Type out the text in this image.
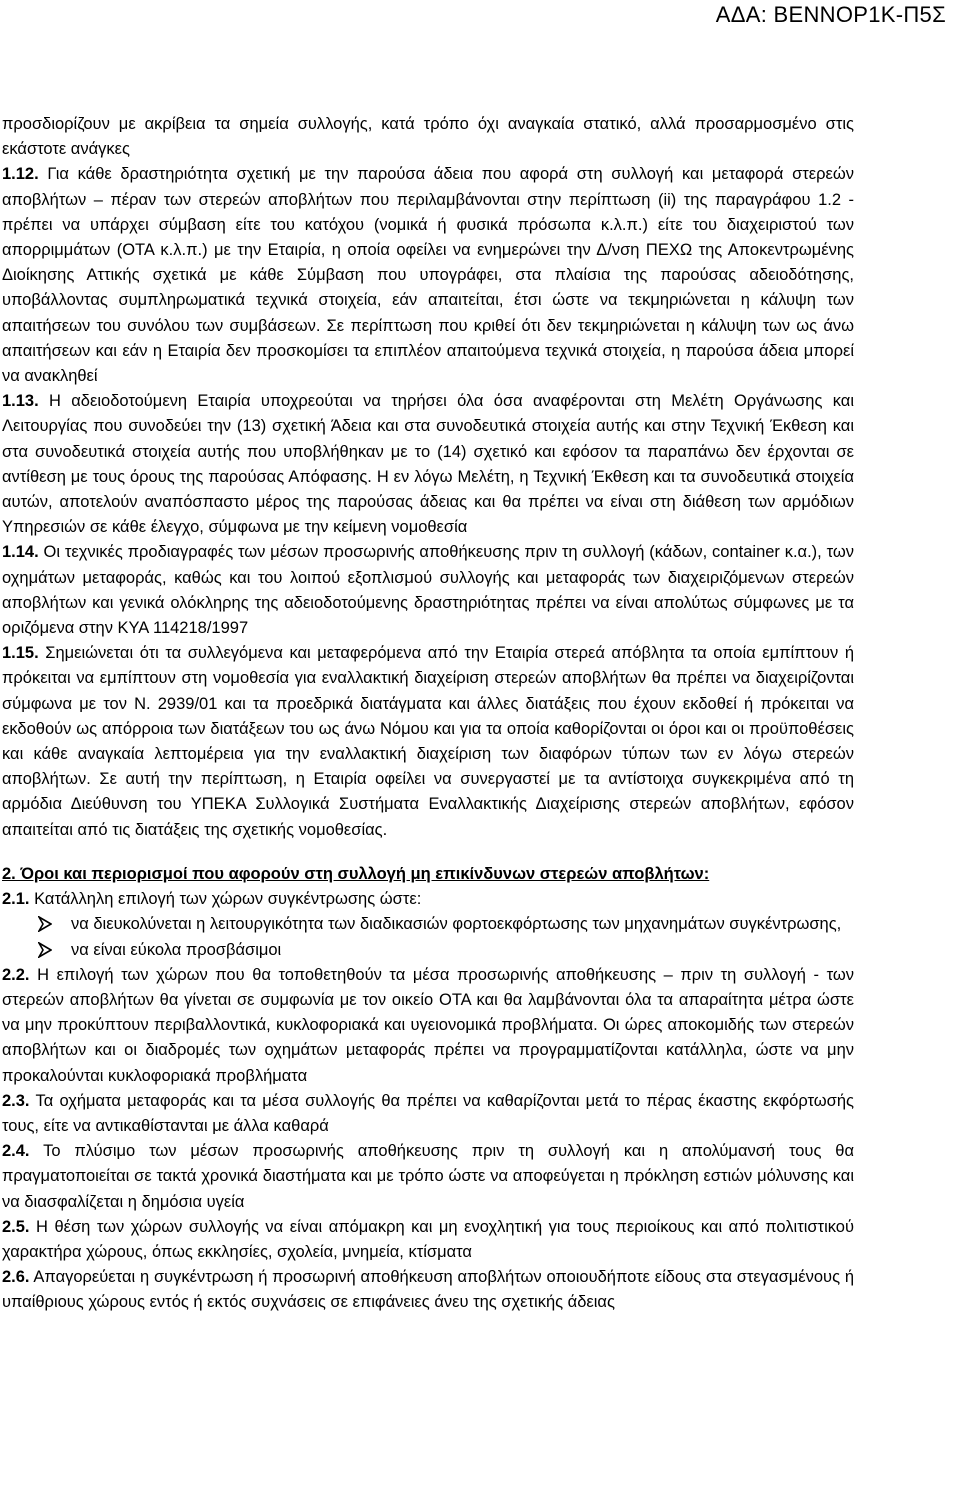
ΑΔΑ: ΒΕΝΝΟΡ1Κ-Π5Σ

προσδιορίζουν με ακρίβεια τα σημεία συλλογής, κατά τρόπο όχι αναγκαία στατικό, αλλά προσαρμοσμένο στις εκάστοτε ανάγκες

1.12. Για κάθε δραστηριότητα σχετική με την παρούσα άδεια που αφορά στη συλλογή και μεταφορά στερεών αποβλήτων – πέραν των στερεών αποβλήτων που περιλαμβάνονται στην περίπτωση (ii) της παραγράφου 1.2 - πρέπει να υπάρχει σύμβαση είτε του κατόχου (νομικά ή φυσικά πρόσωπα κ.λ.π.) είτε του διαχειριστού των απορριμμάτων (ΟΤΑ κ.λ.π.) με την Εταιρία, η οποία οφείλει να ενημερώνει την Δ/νση ΠΕΧΩ της Αποκεντρωμένης Διοίκησης Αττικής σχετικά με κάθε Σύμβαση που υπογράφει, στα πλαίσια της παρούσας αδειοδότησης, υποβάλλοντας συμπληρωματικά τεχνικά στοιχεία, εάν απαιτείται, έτσι ώστε να τεκμηριώνεται η κάλυψη των απαιτήσεων του συνόλου των συμβάσεων. Σε περίπτωση που κριθεί ότι δεν τεκμηριώνεται η κάλυψη των ως άνω απαιτήσεων και εάν η Εταιρία δεν προσκομίσει τα επιπλέον απαιτούμενα τεχνικά στοιχεία, η παρούσα άδεια μπορεί να ανακληθεί

1.13. Η αδειοδοτούμενη Εταιρία υποχρεούται να τηρήσει όλα όσα αναφέρονται στη Μελέτη Οργάνωσης και Λειτουργίας που συνοδεύει την (13) σχετική Άδεια και στα συνοδευτικά στοιχεία αυτής και στην Τεχνική Έκθεση και στα συνοδευτικά στοιχεία αυτής που υποβλήθηκαν με το (14) σχετικό και εφόσον τα παραπάνω δεν έρχονται σε αντίθεση με τους όρους της παρούσας Απόφασης. Η εν λόγω Μελέτη, η Τεχνική Έκθεση και τα συνοδευτικά στοιχεία αυτών, αποτελούν αναπόσπαστο μέρος της παρούσας άδειας και θα πρέπει να είναι στη διάθεση των αρμόδιων Υπηρεσιών σε κάθε έλεγχο, σύμφωνα με την κείμενη νομοθεσία

1.14. Οι τεχνικές προδιαγραφές των μέσων προσωρινής αποθήκευσης πριν τη συλλογή (κάδων, container κ.α.), των οχημάτων μεταφοράς, καθώς και του λοιπού εξοπλισμού συλλογής και μεταφοράς των διαχειριζόμενων στερεών αποβλήτων και γενικά ολόκληρης της αδειοδοτούμενης δραστηριότητας πρέπει να είναι απολύτως σύμφωνες με τα οριζόμενα στην ΚΥΑ 114218/1997

1.15. Σημειώνεται ότι τα συλλεγόμενα και μεταφερόμενα από την Εταιρία στερεά απόβλητα τα οποία εμπίπτουν ή πρόκειται να εμπίπτουν στη νομοθεσία για εναλλακτική διαχείριση στερεών αποβλήτων θα πρέπει να διαχειρίζονται σύμφωνα με τον Ν. 2939/01 και τα προεδρικά διατάγματα και άλλες διατάξεις που έχουν εκδοθεί ή πρόκειται να εκδοθούν ως απόρροια των διατάξεων του ως άνω Νόμου και για τα οποία καθορίζονται οι όροι και οι προϋποθέσεις και κάθε αναγκαία λεπτομέρεια για την εναλλακτική διαχείριση των διαφόρων τύπων των εν λόγω στερεών αποβλήτων. Σε αυτή την περίπτωση, η Εταιρία οφείλει να συνεργαστεί με τα αντίστοιχα συγκεκριμένα από τη αρμόδια Διεύθυνση του ΥΠΕΚΑ Συλλογικά Συστήματα Εναλλακτικής Διαχείρισης στερεών αποβλήτων, εφόσον απαιτείται από τις διατάξεις της σχετικής νομοθεσίας.

2. Όροι και περιορισμοί που αφορούν στη συλλογή μη επικίνδυνων στερεών αποβλήτων:

2.1. Κατάλληλη επιλογή των χώρων συγκέντρωσης ώστε:

να διευκολύνεται η λειτουργικότητα των διαδικασιών φορτοεκφόρτωσης των μηχανημάτων συγκέντρωσης,
να είναι εύκολα προσβάσιμοι

2.2. Η επιλογή των χώρων που θα τοποθετηθούν τα μέσα προσωρινής αποθήκευσης – πριν τη συλλογή - των στερεών αποβλήτων θα γίνεται σε συμφωνία με τον οικείο ΟΤΑ και θα λαμβάνονται όλα τα απαραίτητα μέτρα ώστε να μην προκύπτουν περιβαλλοντικά, κυκλοφοριακά και υγειονομικά προβλήματα. Οι ώρες αποκομιδής των στερεών αποβλήτων και οι διαδρομές των οχημάτων μεταφοράς πρέπει να προγραμματίζονται κατάλληλα, ώστε να μην προκαλούνται κυκλοφοριακά προβλήματα

2.3. Τα οχήματα μεταφοράς και τα μέσα συλλογής θα πρέπει να καθαρίζονται μετά το πέρας έκαστης εκφόρτωσής τους, είτε να αντικαθίστανται με άλλα καθαρά

2.4. Το πλύσιμο των μέσων προσωρινής αποθήκευσης πριν τη συλλογή και η απολύμανσή τους θα πραγματοποιείται σε τακτά χρονικά διαστήματα και με τρόπο ώστε να αποφεύγεται η πρόκληση εστιών μόλυνσης και να διασφαλίζεται η δημόσια υγεία

2.5. Η θέση των χώρων συλλογής να είναι απόμακρη και μη ενοχλητική για τους περιοίκους και από πολιτιστικού χαρακτήρα χώρους, όπως εκκλησίες, σχολεία, μνημεία, κτίσματα

2.6. Απαγορεύεται η συγκέντρωση ή προσωρινή αποθήκευση αποβλήτων οποιουδήποτε είδους στα στεγασμένους ή υπαίθριους χώρους εντός ή εκτός συχνάσεις σε επιφάνειες άνευ της σχετικής άδειας
